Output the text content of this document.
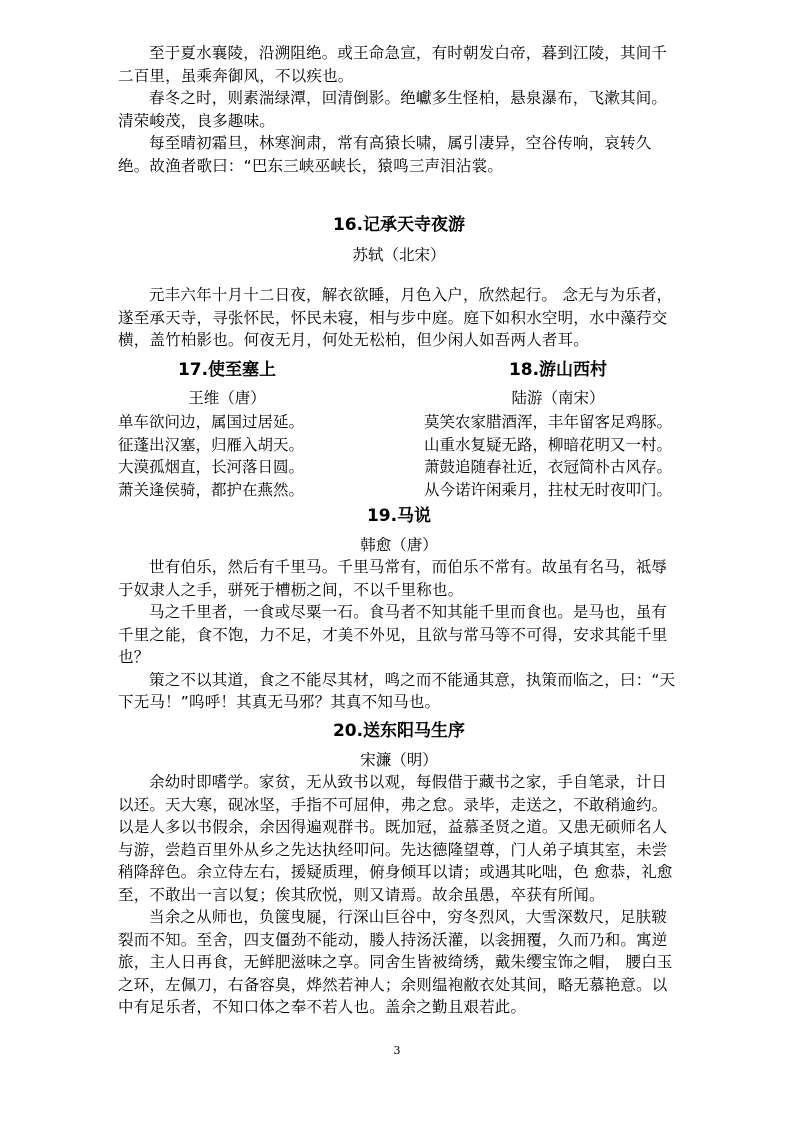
至于夏水襄陵，沿溯阻绝。或王命急宣，有时朝发白帝，暮到江陵，其间千二百里，虽乘奔御风，不以疾也。

春冬之时，则素湍绿潭，回清倒影。绝巘多生怪柏，悬泉瀑布，飞漱其间。清荣峻茂，良多趣味。

每至晴初霜旦，林寒涧肃，常有高猿长啸，属引凄异，空谷传响，哀转久绝。故渔者歌曰：“巴东三峡巫峡长，猿鸣三声泪沾裳。

16.记承天寺夜游

苏轼（北宋）

元丰六年十月十二日夜，解衣欲睡，月色入户，欣然起行。 念无与为乐者，遂至承天寺，寻张怀民，怀民未寝，相与步中庭。庭下如积水空明，水中藻荇交横，盖竹柏影也。何夜无月，何处无松柏，但少闲人如吾两人者耳。

17.使至塞上

王维（唐）

单车欲问边，属国过居延。

征蓬出汉塞，归雁入胡天。

大漠孤烟直，长河落日圆。

萧关逢侯骑，都护在燕然。

18.游山西村

陆游（南宋）

莫笑农家腊酒浑，丰年留客足鸡豚。

山重水复疑无路，柳暗花明又一村。

萧鼓追随春社近，衣冠简朴古风存。

从今诺许闲乘月，拄杖无时夜叩门。

19.马说

韩愈（唐）

世有伯乐，然后有千里马。千里马常有，而伯乐不常有。故虽有名马，祗辱于奴隶人之手，骈死于槽枥之间，不以千里称也。

马之千里者，一食或尽粟一石。食马者不知其能千里而食也。是马也，虽有千里之能，食不饱，力不足，才美不外见，且欲与常马等不可得，安求其能千里也？

策之不以其道，食之不能尽其材，鸣之而不能通其意，执策而临之，曰：“天下无马！”呜呼！其真无马邪？其真不知马也。

20.送东阳马生序

宋濂（明）

余幼时即嗜学。家贫，无从致书以观，每假借于藏书之家，手自笔录，计日以还。天大寒，砚冰坚，手指不可屈伸，弗之怠。录毕，走送之，不敢稍逾约。以是人多以书假余，余因得遍观群书。既加冠，益慕圣贤之道。又患无硕师名人与游，尝趋百里外从乡之先达执经叩问。先达德隆望尊，门人弟子填其室，未尝稍降辞色。余立侍左右，援疑质理，俯身倾耳以请；或遇其叱咄，色 愈恭，礼愈至，不敢出一言以复；俟其欣悦，则又请焉。故余虽愚，卒获有所闻。

当余之从师也，负箧曳屣，行深山巨谷中，穷冬烈风，大雪深数尺，足肤皲裂而不知。至舍，四支僵劲不能动，媵人持汤沃灌，以衾拥覆，久而乃和。寓逆旅，主人日再食，无鲜肥滋味之享。同舍生皆被绮绣，戴朱缨宝饰之帽， 腰白玉之环，左佩刀，右备容臭，烨然若神人；余则缊袍敝衣处其间，略无慕艳意。以中有足乐者，不知口体之奉不若人也。盖余之勤且艰若此。

3
